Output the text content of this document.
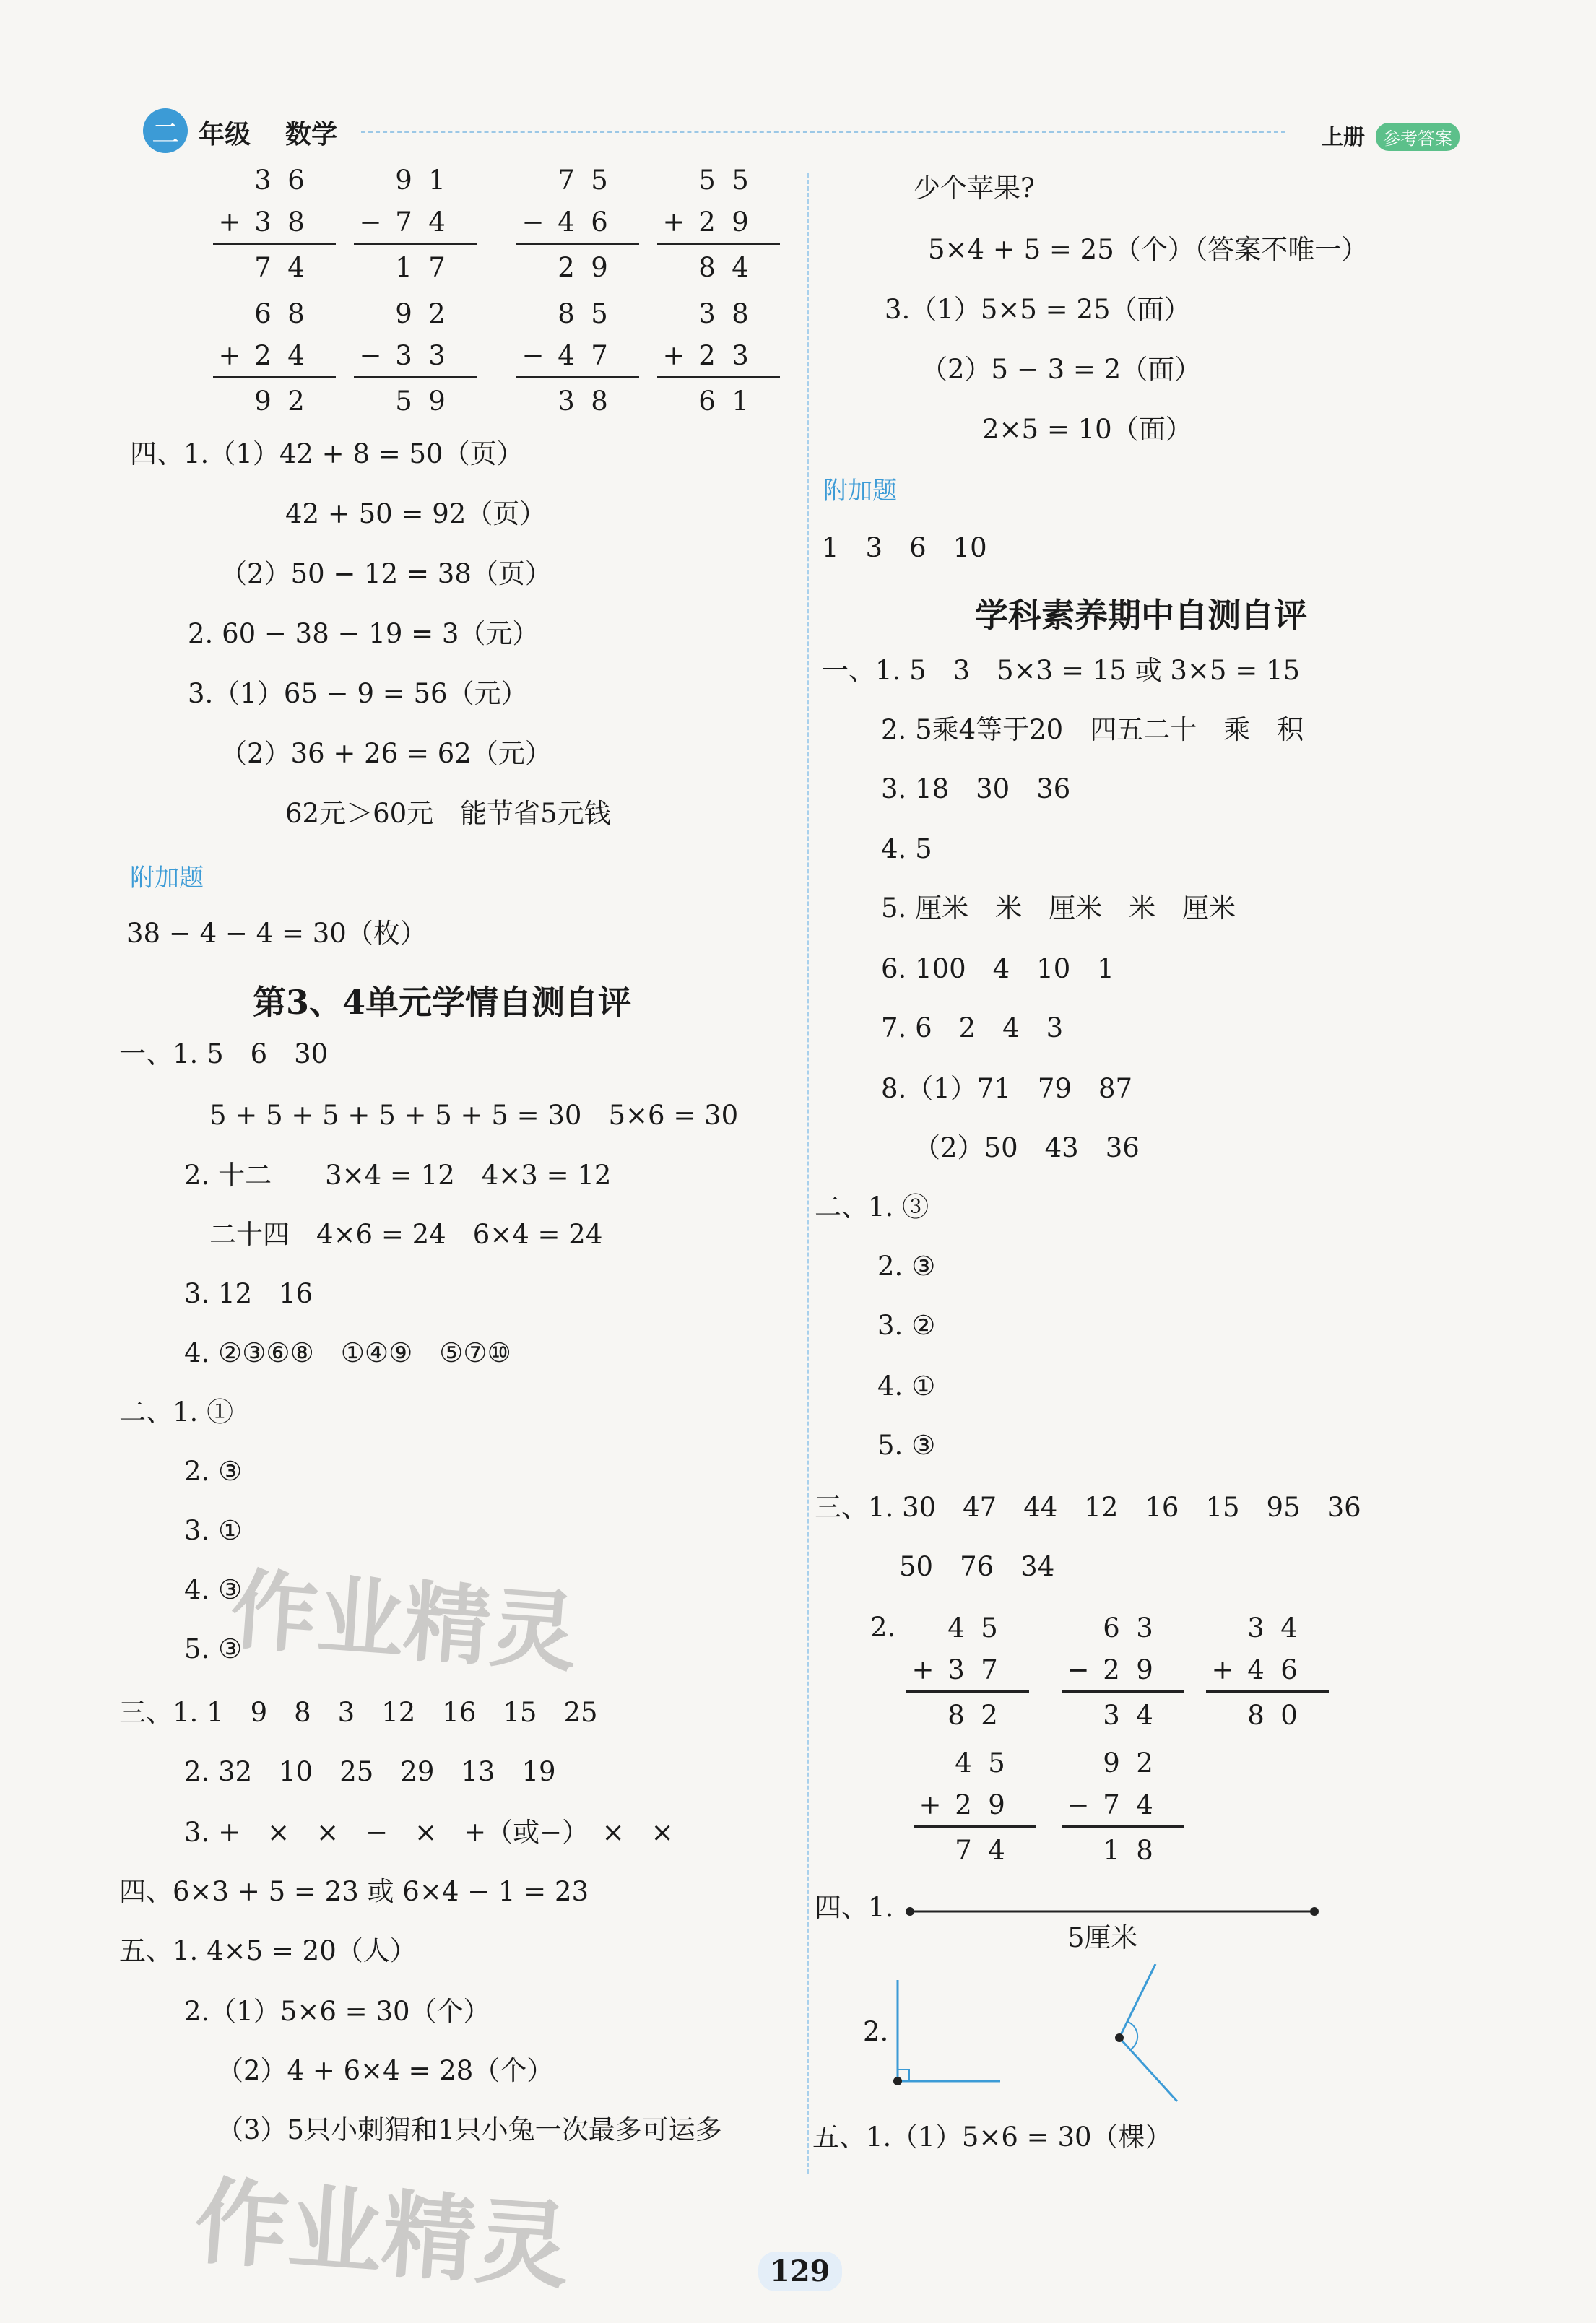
二 年级 数学	上册	参考答案
3 6
+ 3 8
7 4
9 1
− 7 4
1 7
7 5
− 4 6
2 9
5 5
+ 2 9
8 4
6 8
+ 2 4
9 2
9 2
− 3 3
5 9
8 5
− 4 7
3 8
3 8
+ 2 3
6 1
四、1.（1）42 + 8 = 50（页）
42 + 50 = 92（页）
（2）50 − 12 = 38（页）
2. 60 − 38 − 19 = 3（元）
3.（1）65 − 9 = 56（元）
（2）36 + 26 = 62（元）
62元＞60元　能节省5元钱
附加题
38 − 4 − 4 = 30（枚）
第3、4单元学情自测自评
一、1. 5　6　30
5 + 5 + 5 + 5 + 5 + 5 = 30　5×6 = 30
2. 十二　　3×4 = 12　4×3 = 12
二十四　4×6 = 24　6×4 = 24
3. 12　16
4. ②③⑥⑧　①④⑨　⑤⑦⑩
二、1. ①
2. ③
3. ①
4. ③
5. ③
三、1. 1　9　8　3　12　16　15　25
2. 32　10　25　29　13　19
3. +　×　×　−　×　+（或−）　×　×
四、6×3 + 5 = 23 或 6×4 − 1 = 23
五、1. 4×5 = 20（人）
2.（1）5×6 = 30（个）
（2）4 + 6×4 = 28（个）
（3）5只小刺猬和1只小兔一次最多可运多
少个苹果?
5×4 + 5 = 25（个）（答案不唯一）
3.（1）5×5 = 25（面）
（2）5 − 3 = 2（面）
2×5 = 10（面）
附加题
1　3　6　10
学科素养期中自测自评
一、1. 5　3　5×3 = 15 或 3×5 = 15
2. 5乘4等于20　四五二十　乘　积
3. 18　30　36
4. 5
5. 厘米　米　厘米　米　厘米
6. 100　4　10　1
7. 6　2　4　3
8.（1）71　79　87
（2）50　43　36
二、1. ③
2. ③
3. ②
4. ①
5. ③
三、1. 30　47　44　12　16　15　95　36
50　76　34
2.	4 5
+ 3 7
8 2
6 3
− 2 9
3 4
3 4
+ 4 6
8 0
4 5
+ 2 9
7 4
9 2
− 7 4
1 8
四、1.
5厘米
2.
五、1.（1）5×6 = 30（棵）
129
作业精灵
作业精灵
